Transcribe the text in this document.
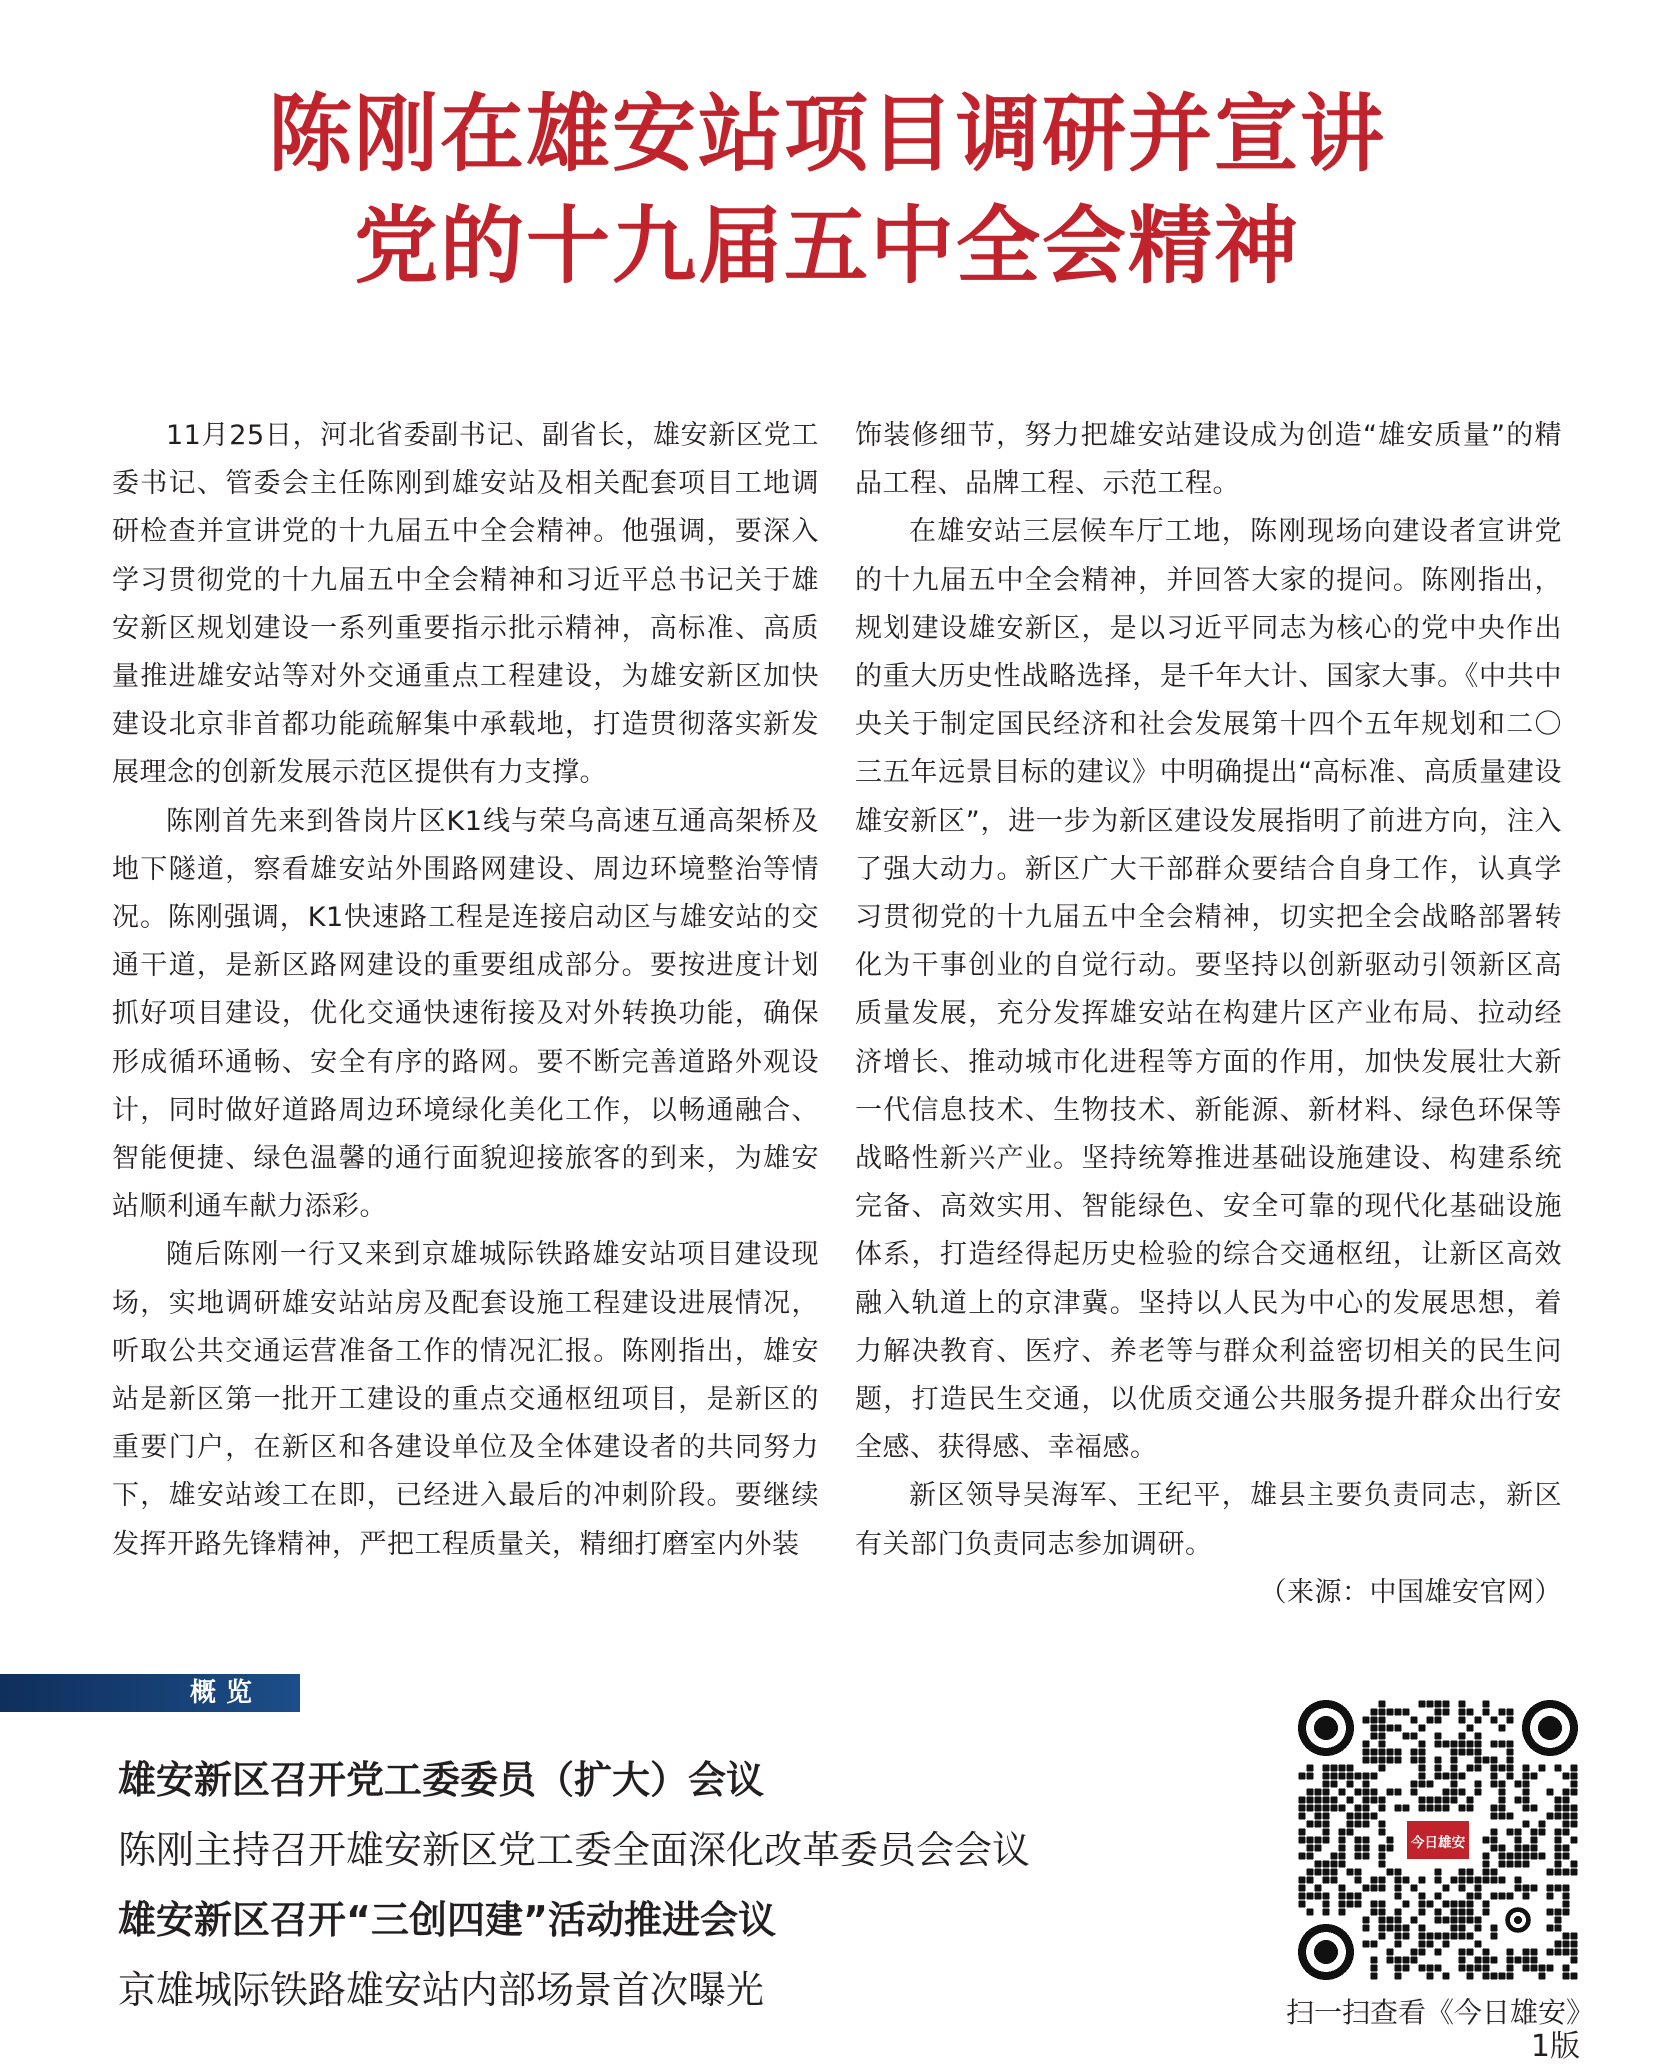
陈刚在雄安站项目调研并宣讲
党的十九届五中全会精神

11月25日，河北省委副书记、副省长，雄安新区党工委书记、管委会主任陈刚到雄安站及相关配套项目工地调研检查并宣讲党的十九届五中全会精神。他强调，要深入学习贯彻党的十九届五中全会精神和习近平总书记关于雄安新区规划建设一系列重要指示批示精神，高标准、高质量推进雄安站等对外交通重点工程建设，为雄安新区加快建设北京非首都功能疏解集中承载地，打造贯彻落实新发展理念的创新发展示范区提供有力支撑。

陈刚首先来到昝岗片区K1线与荣乌高速互通高架桥及地下隧道，察看雄安站外围路网建设、周边环境整治等情况。陈刚强调，K1快速路工程是连接启动区与雄安站的交通干道，是新区路网建设的重要组成部分。要按进度计划抓好项目建设，优化交通快速衔接及对外转换功能，确保形成循环通畅、安全有序的路网。要不断完善道路外观设计，同时做好道路周边环境绿化美化工作，以畅通融合、智能便捷、绿色温馨的通行面貌迎接旅客的到来，为雄安站顺利通车献力添彩。

随后陈刚一行又来到京雄城际铁路雄安站项目建设现场，实地调研雄安站站房及配套设施工程建设进展情况，听取公共交通运营准备工作的情况汇报。陈刚指出，雄安站是新区第一批开工建设的重点交通枢纽项目，是新区的重要门户，在新区和各建设单位及全体建设者的共同努力下，雄安站竣工在即，已经进入最后的冲刺阶段。要继续发挥开路先锋精神，严把工程质量关，精细打磨室内外装

饰装修细节，努力把雄安站建设成为创造“雄安质量”的精品工程、品牌工程、示范工程。

在雄安站三层候车厅工地，陈刚现场向建设者宣讲党的十九届五中全会精神，并回答大家的提问。陈刚指出，规划建设雄安新区，是以习近平同志为核心的党中央作出的重大历史性战略选择，是千年大计、国家大事。《中共中央关于制定国民经济和社会发展第十四个五年规划和二〇三五年远景目标的建议》中明确提出“高标准、高质量建设雄安新区”，进一步为新区建设发展指明了前进方向，注入了强大动力。新区广大干部群众要结合自身工作，认真学习贯彻党的十九届五中全会精神，切实把全会战略部署转化为干事创业的自觉行动。要坚持以创新驱动引领新区高质量发展，充分发挥雄安站在构建片区产业布局、拉动经济增长、推动城市化进程等方面的作用，加快发展壮大新一代信息技术、生物技术、新能源、新材料、绿色环保等战略性新兴产业。坚持统筹推进基础设施建设、构建系统完备、高效实用、智能绿色、安全可靠的现代化基础设施体系，打造经得起历史检验的综合交通枢纽，让新区高效融入轨道上的京津冀。坚持以人民为中心的发展思想，着力解决教育、医疗、养老等与群众利益密切相关的民生问题，打造民生交通，以优质交通公共服务提升群众出行安全感、获得感、幸福感。

新区领导吴海军、王纪平，雄县主要负责同志，新区有关部门负责同志参加调研。
（来源：中国雄安官网）

概览
雄安新区召开党工委委员（扩大）会议
陈刚主持召开雄安新区党工委全面深化改革委员会会议
雄安新区召开“三创四建”活动推进会议
京雄城际铁路雄安站内部场景首次曝光
今日雄安
扫一扫查看《今日雄安》
1版
